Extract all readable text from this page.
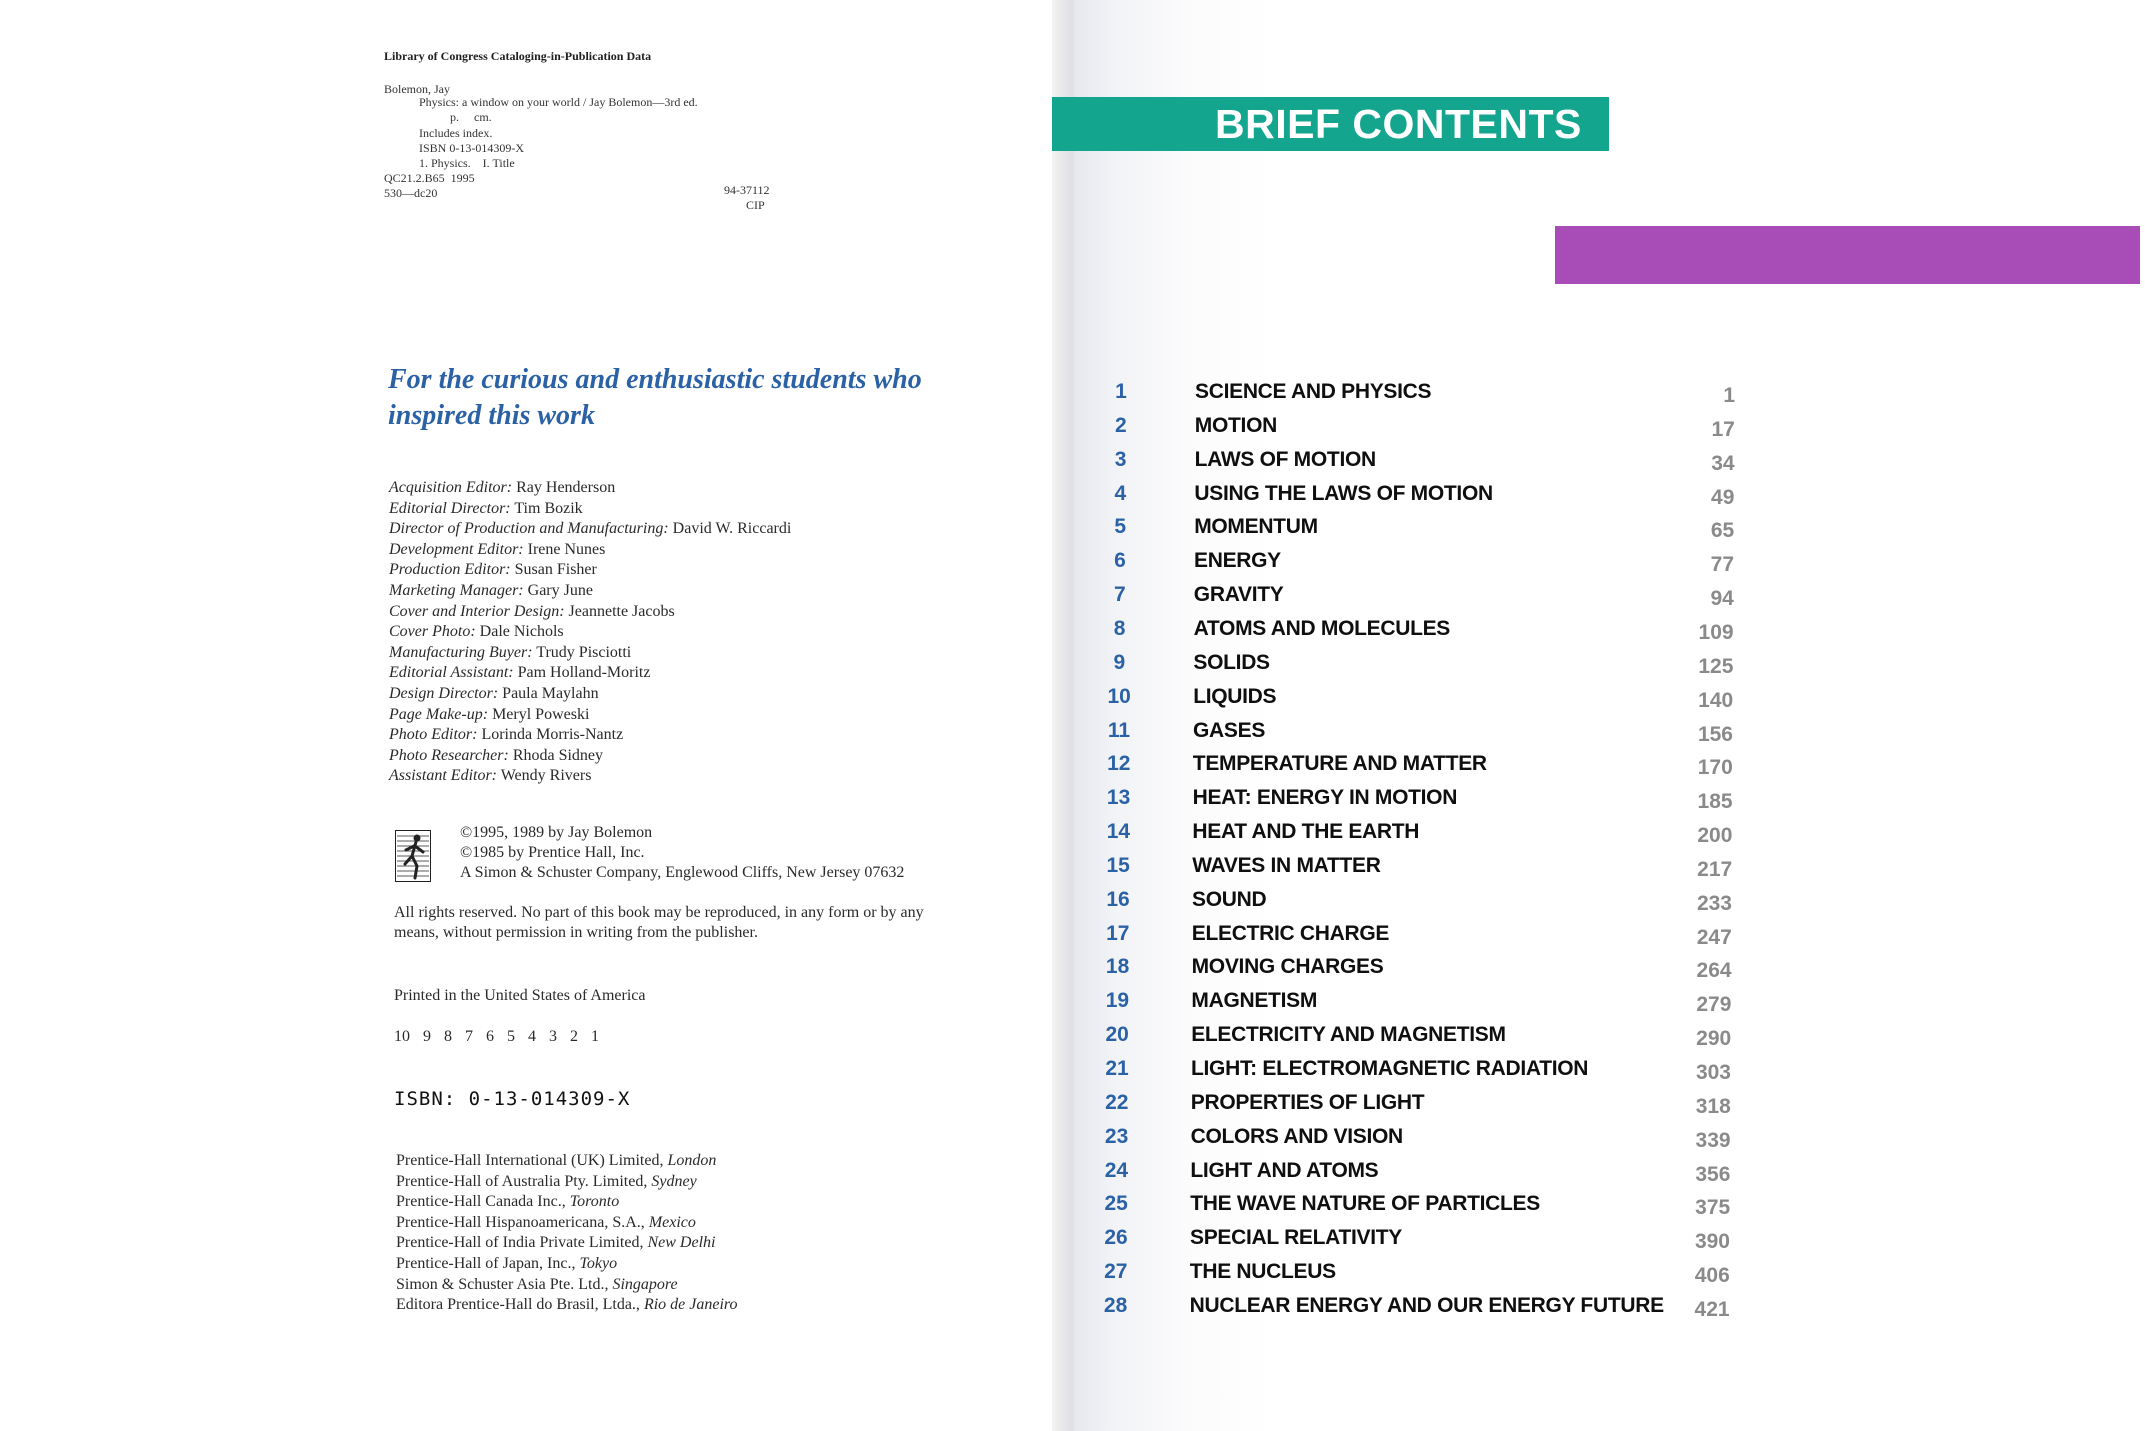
Library of Congress Cataloging-in-Publication Data
Bolemon, Jay
Physics: a window on your world / Jay Bolemon—3rd ed.
p.     cm.
Includes index.
ISBN 0-13-014309-X
1. Physics.    I. Title
QC21.2.B65  1995
530—dc20	94-37112
CIP
For the curious and enthusiastic students who inspired this work
Acquisition Editor: Ray Henderson
Editorial Director: Tim Bozik
Director of Production and Manufacturing: David W. Riccardi
Development Editor: Irene Nunes
Production Editor: Susan Fisher
Marketing Manager: Gary June
Cover and Interior Design: Jeannette Jacobs
Cover Photo: Dale Nichols
Manufacturing Buyer: Trudy Pisciotti
Editorial Assistant: Pam Holland-Moritz
Design Director: Paula Maylahn
Page Make-up: Meryl Poweski
Photo Editor: Lorinda Morris-Nantz
Photo Researcher: Rhoda Sidney
Assistant Editor: Wendy Rivers
©1995, 1989 by Jay Bolemon
©1985 by Prentice Hall, Inc.
A Simon & Schuster Company, Englewood Cliffs, New Jersey 07632
All rights reserved. No part of this book may be reproduced, in any form or by any means, without permission in writing from the publisher.
Printed in the United States of America
10 9 8 7 6 5 4 3 2 1
ISBN: 0-13-014309-X
Prentice-Hall International (UK) Limited, London
Prentice-Hall of Australia Pty. Limited, Sydney
Prentice-Hall Canada Inc., Toronto
Prentice-Hall Hispanoamericana, S.A., Mexico
Prentice-Hall of India Private Limited, New Delhi
Prentice-Hall of Japan, Inc., Tokyo
Simon & Schuster Asia Pte. Ltd., Singapore
Editora Prentice-Hall do Brasil, Ltda., Rio de Janeiro
BRIEF CONTENTS
1	SCIENCE AND PHYSICS	1
2	MOTION	17
3	LAWS OF MOTION	34
4	USING THE LAWS OF MOTION	49
5	MOMENTUM	65
6	ENERGY	77
7	GRAVITY	94
8	ATOMS AND MOLECULES	109
9	SOLIDS	125
10	LIQUIDS	140
11	GASES	156
12	TEMPERATURE AND MATTER	170
13	HEAT: ENERGY IN MOTION	185
14	HEAT AND THE EARTH	200
15	WAVES IN MATTER	217
16	SOUND	233
17	ELECTRIC CHARGE	247
18	MOVING CHARGES	264
19	MAGNETISM	279
20	ELECTRICITY AND MAGNETISM	290
21	LIGHT: ELECTROMAGNETIC RADIATION	303
22	PROPERTIES OF LIGHT	318
23	COLORS AND VISION	339
24	LIGHT AND ATOMS	356
25	THE WAVE NATURE OF PARTICLES	375
26	SPECIAL RELATIVITY	390
27	THE NUCLEUS	406
28	NUCLEAR ENERGY AND OUR ENERGY FUTURE	421
